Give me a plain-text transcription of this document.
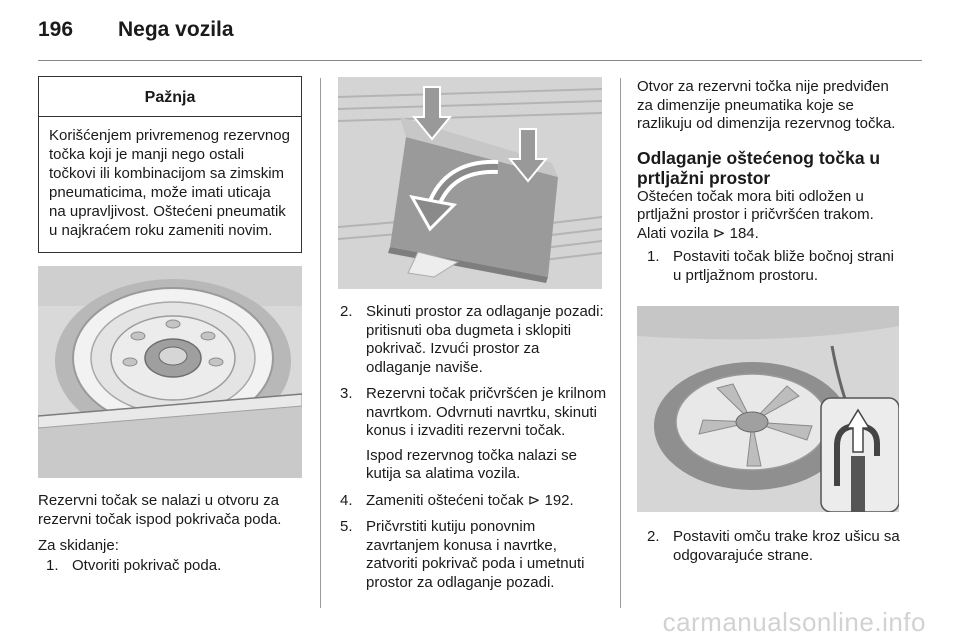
196 Nega vozila
Pažnja
Korišćenjem privremenog rezervnog točka koji je manji nego ostali točkovi ili kombinacijom sa zimskim pneumaticima, može imati uticaja na upravljivost. Oštećeni pneumatik u najkraćem roku zameniti novim.

Rezervni točak se nalazi u otvoru za rezervni točak ispod pokrivača poda.

Za skidanje:

1. Otvoriti pokrivač poda.
2. Skinuti prostor za odlaganje pozadi: pritisnuti oba dugmeta i sklopiti pokrivač. Izvući prostor za odlaganje naviše.
3. Rezervni točak pričvršćen je krilnom navrtkom. Odvrnuti navrtku, skinuti konus i izvaditi rezervni točak.
Ispod rezervnog točka nalazi se kutija sa alatima vozila.
4. Zameniti oštećeni točak ⊳ 192.
5. Pričvrstiti kutiju ponovnim zavrtanjem konusa i navrtke, zatvoriti pokrivač poda i umetnuti prostor za odlaganje pozadi.

Otvor za rezervni točka nije predviđen za dimenzije pneumatika koje se razlikuju od dimenzija rezervnog točka.

Odlaganje oštećenog točka u prtljažni prostor

Oštećen točak mora biti odložen u prtljažni prostor i pričvršćen trakom. Alati vozila ⊳ 184.

1. Postaviti točak bliže bočnoj strani u prtljažnom prostoru.
2. Postaviti omču trake kroz ušicu sa odgovarajuće strane.
carmanualsonline.info
